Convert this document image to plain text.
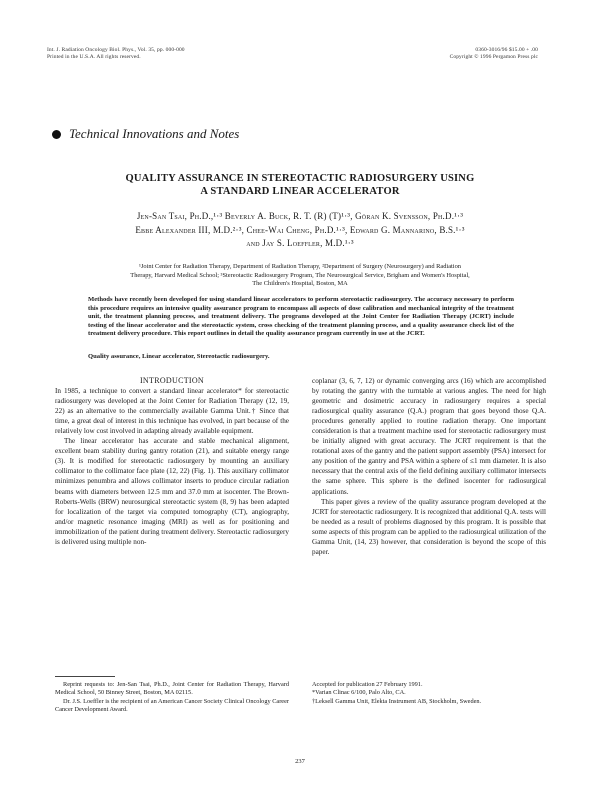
Int. J. Radiation Oncology Biol. Phys., Vol. 35, pp. 000-000
Printed in the U.S.A. All rights reserved.
0360-3016/96 $15.00 + .00
Copyright © 1996 Pergamon Press plc
Technical Innovations and Notes
QUALITY ASSURANCE IN STEREOTACTIC RADIOSURGERY USING
A STANDARD LINEAR ACCELERATOR
Jen-San Tsai, Ph.D.,¹·³ Beverly A. Buck, R. T. (R) (T)¹·³, Göran K. Svensson, Ph.D.¹·³
Ebbe Alexander III, M.D.²·³, Chee-Wai Cheng, Ph.D.¹·³, Edward G. Mannarino, B.S.¹·³
and Jay S. Loeffler, M.D.¹·³
¹Joint Center for Radiation Therapy, Department of Radiation Therapy, ²Department of Surgery (Neurosurgery) and Radiation
Therapy, Harvard Medical School; ³Stereotactic Radiosurgery Program, The Neurosurgical Service, Brigham and Women's Hospital,
The Children's Hospital, Boston, MA
Methods have recently been developed for using standard linear accelerators to perform stereotactic radiosurgery. The accuracy necessary to perform this procedure requires an intensive quality assurance program to encompass all aspects of dose calibration and mechanical integrity of the treatment unit, the treatment planning process, and treatment delivery. The programs developed at the Joint Center for Radiation Therapy (JCRT) include testing of the linear accelerator and the stereotactic system, cross checking of the treatment planning process, and a quality assurance check list of the treatment delivery procedure. This report outlines in detail the quality assurance program currently in use at the JCRT.
Quality assurance, Linear accelerator, Stereotactic radiosurgery.

INTRODUCTION

In 1985, a technique to convert a standard linear accelerator* for stereotactic radiosurgery was developed at the Joint Center for Radiation Therapy (12, 19, 22) as an alternative to the commercially available Gamma Unit.† Since that time, a great deal of interest in this technique has evolved, in part because of the relatively low cost involved in adapting already available equipment.

The linear accelerator has accurate and stable mechanical alignment, excellent beam stability during gantry rotation (21), and suitable energy range (3). It is modified for stereotactic radiosurgery by mounting an auxiliary collimator to the collimator face plate (12, 22) (Fig. 1). This auxiliary collimator minimizes penumbra and allows collimator inserts to produce circular radiation beams with diameters between 12.5 mm and 37.0 mm at isocenter. The Brown-Roberts-Wells (BRW) neurosurgical stereotactic system (8, 9) has been adapted for localization of the target via computed tomography (CT), angiography, and/or magnetic resonance imaging (MRI) as well as for positioning and immobilization of the patient during treatment delivery. Stereotactic radiosurgery is delivered using multiple non-

coplanar (3, 6, 7, 12) or dynamic converging arcs (16) which are accomplished by rotating the gantry with the turntable at various angles. The need for high geometric and dosimetric accuracy in radiosurgery requires a special radiosurgical quality assurance (Q.A.) program that goes beyond those Q.A. procedures generally applied to routine radiation therapy. One important consideration is that a treatment machine used for stereotactic radiosurgery must be initially aligned with great accuracy. The JCRT requirement is that the rotational axes of the gantry and the patient support assembly (PSA) intersect for any position of the gantry and PSA within a sphere of ≤1 mm diameter. It is also necessary that the central axis of the field defining auxiliary collimator intersects the same sphere. This sphere is the defined isocenter for radiosurgical applications.

This paper gives a review of the quality assurance program developed at the JCRT for stereotactic radiosurgery. It is recognized that additional Q.A. tests will be needed as a result of problems diagnosed by this program. It is possible that some aspects of this program can be applied to the radiosurgical utilization of the Gamma Unit, (14, 23) however, that consideration is beyond the scope of this paper.

Reprint requests to: Jen-San Tsai, Ph.D., Joint Center for Radiation Therapy, Harvard Medical School, 50 Binney Street, Boston, MA 02115.

Dr. J.S. Loeffler is the recipient of an American Cancer Society Clinical Oncology Career Cancer Development Award.

Accepted for publication 27 February 1991.

*Varian Clinac 6/100, Palo Alto, CA.

†Leksell Gamma Unit, Elekta Instrument AB, Stockholm, Sweden.

237
